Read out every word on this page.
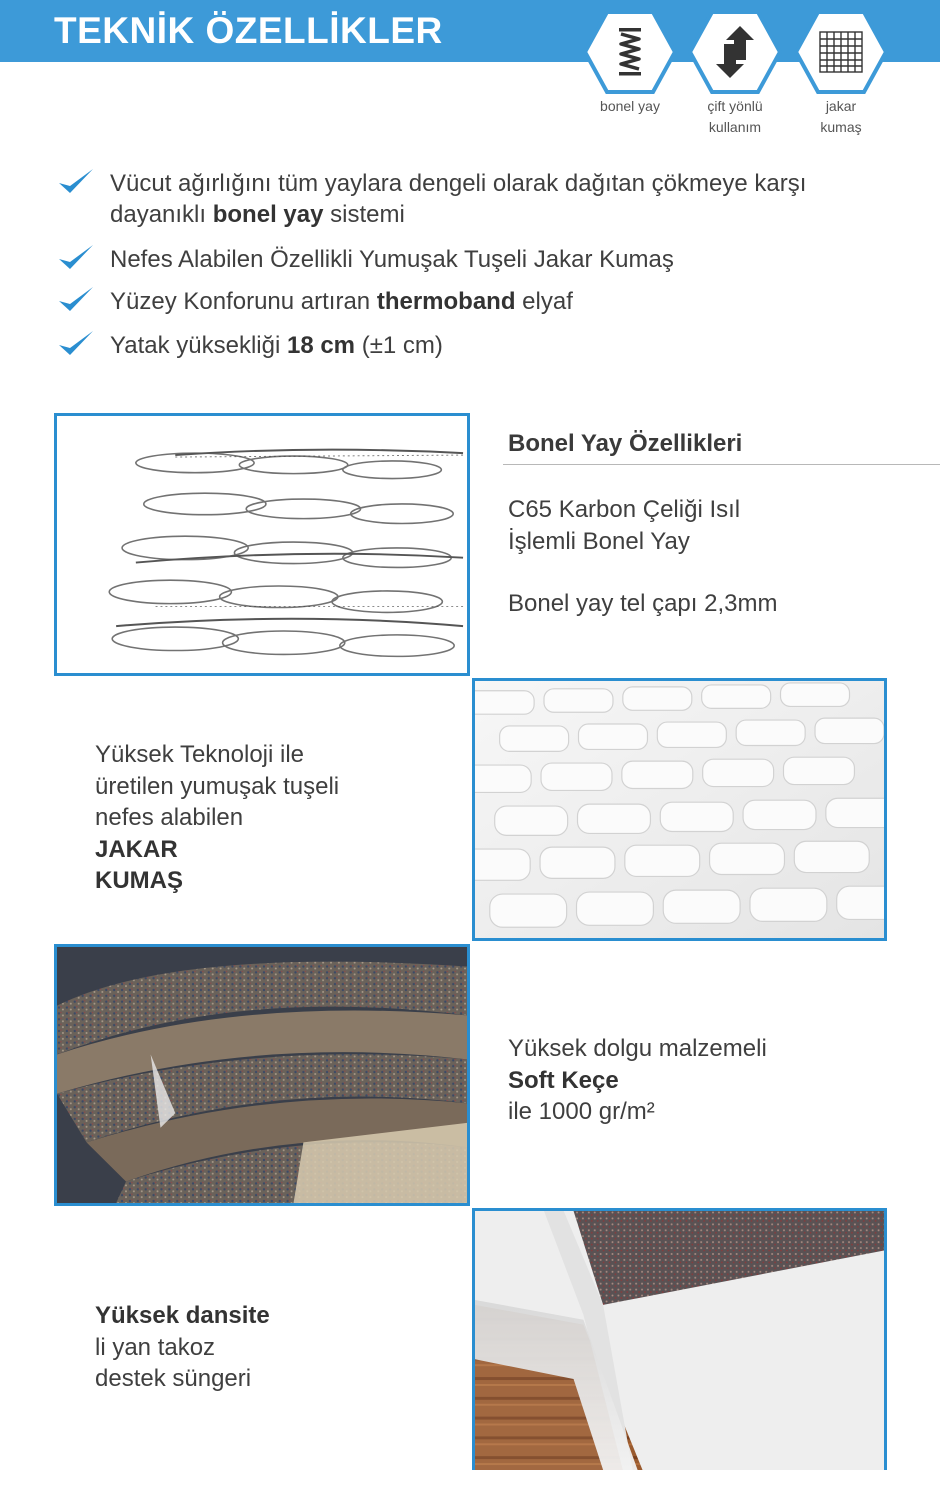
TEKNİK ÖZELLİKLER
bonel yay	çift yönlü
kullanım
jakar
kumaş
Vücut ağırlığını tüm yaylara dengeli olarak dağıtan çökmeye karşı
dayanıklı bonel yay sistemi
Nefes Alabilen Özellikli Yumuşak Tuşeli Jakar Kumaş
Yüzey Konforunu artıran thermoband elyaf
Yatak yüksekliği 18 cm (±1 cm)
Bonel Yay Özellikleri
C65 Karbon Çeliği Isıl
İşlemli Bonel Yay
Bonel yay tel çapı 2,3mm
Yüksek Teknoloji ile
üretilen yumuşak tuşeli
nefes alabilen
JAKAR
KUMAŞ
Yüksek dolgu malzemeli
Soft Keçe
ile 1000 gr/m²
Yüksek dansite
li yan takoz
destek süngeri
